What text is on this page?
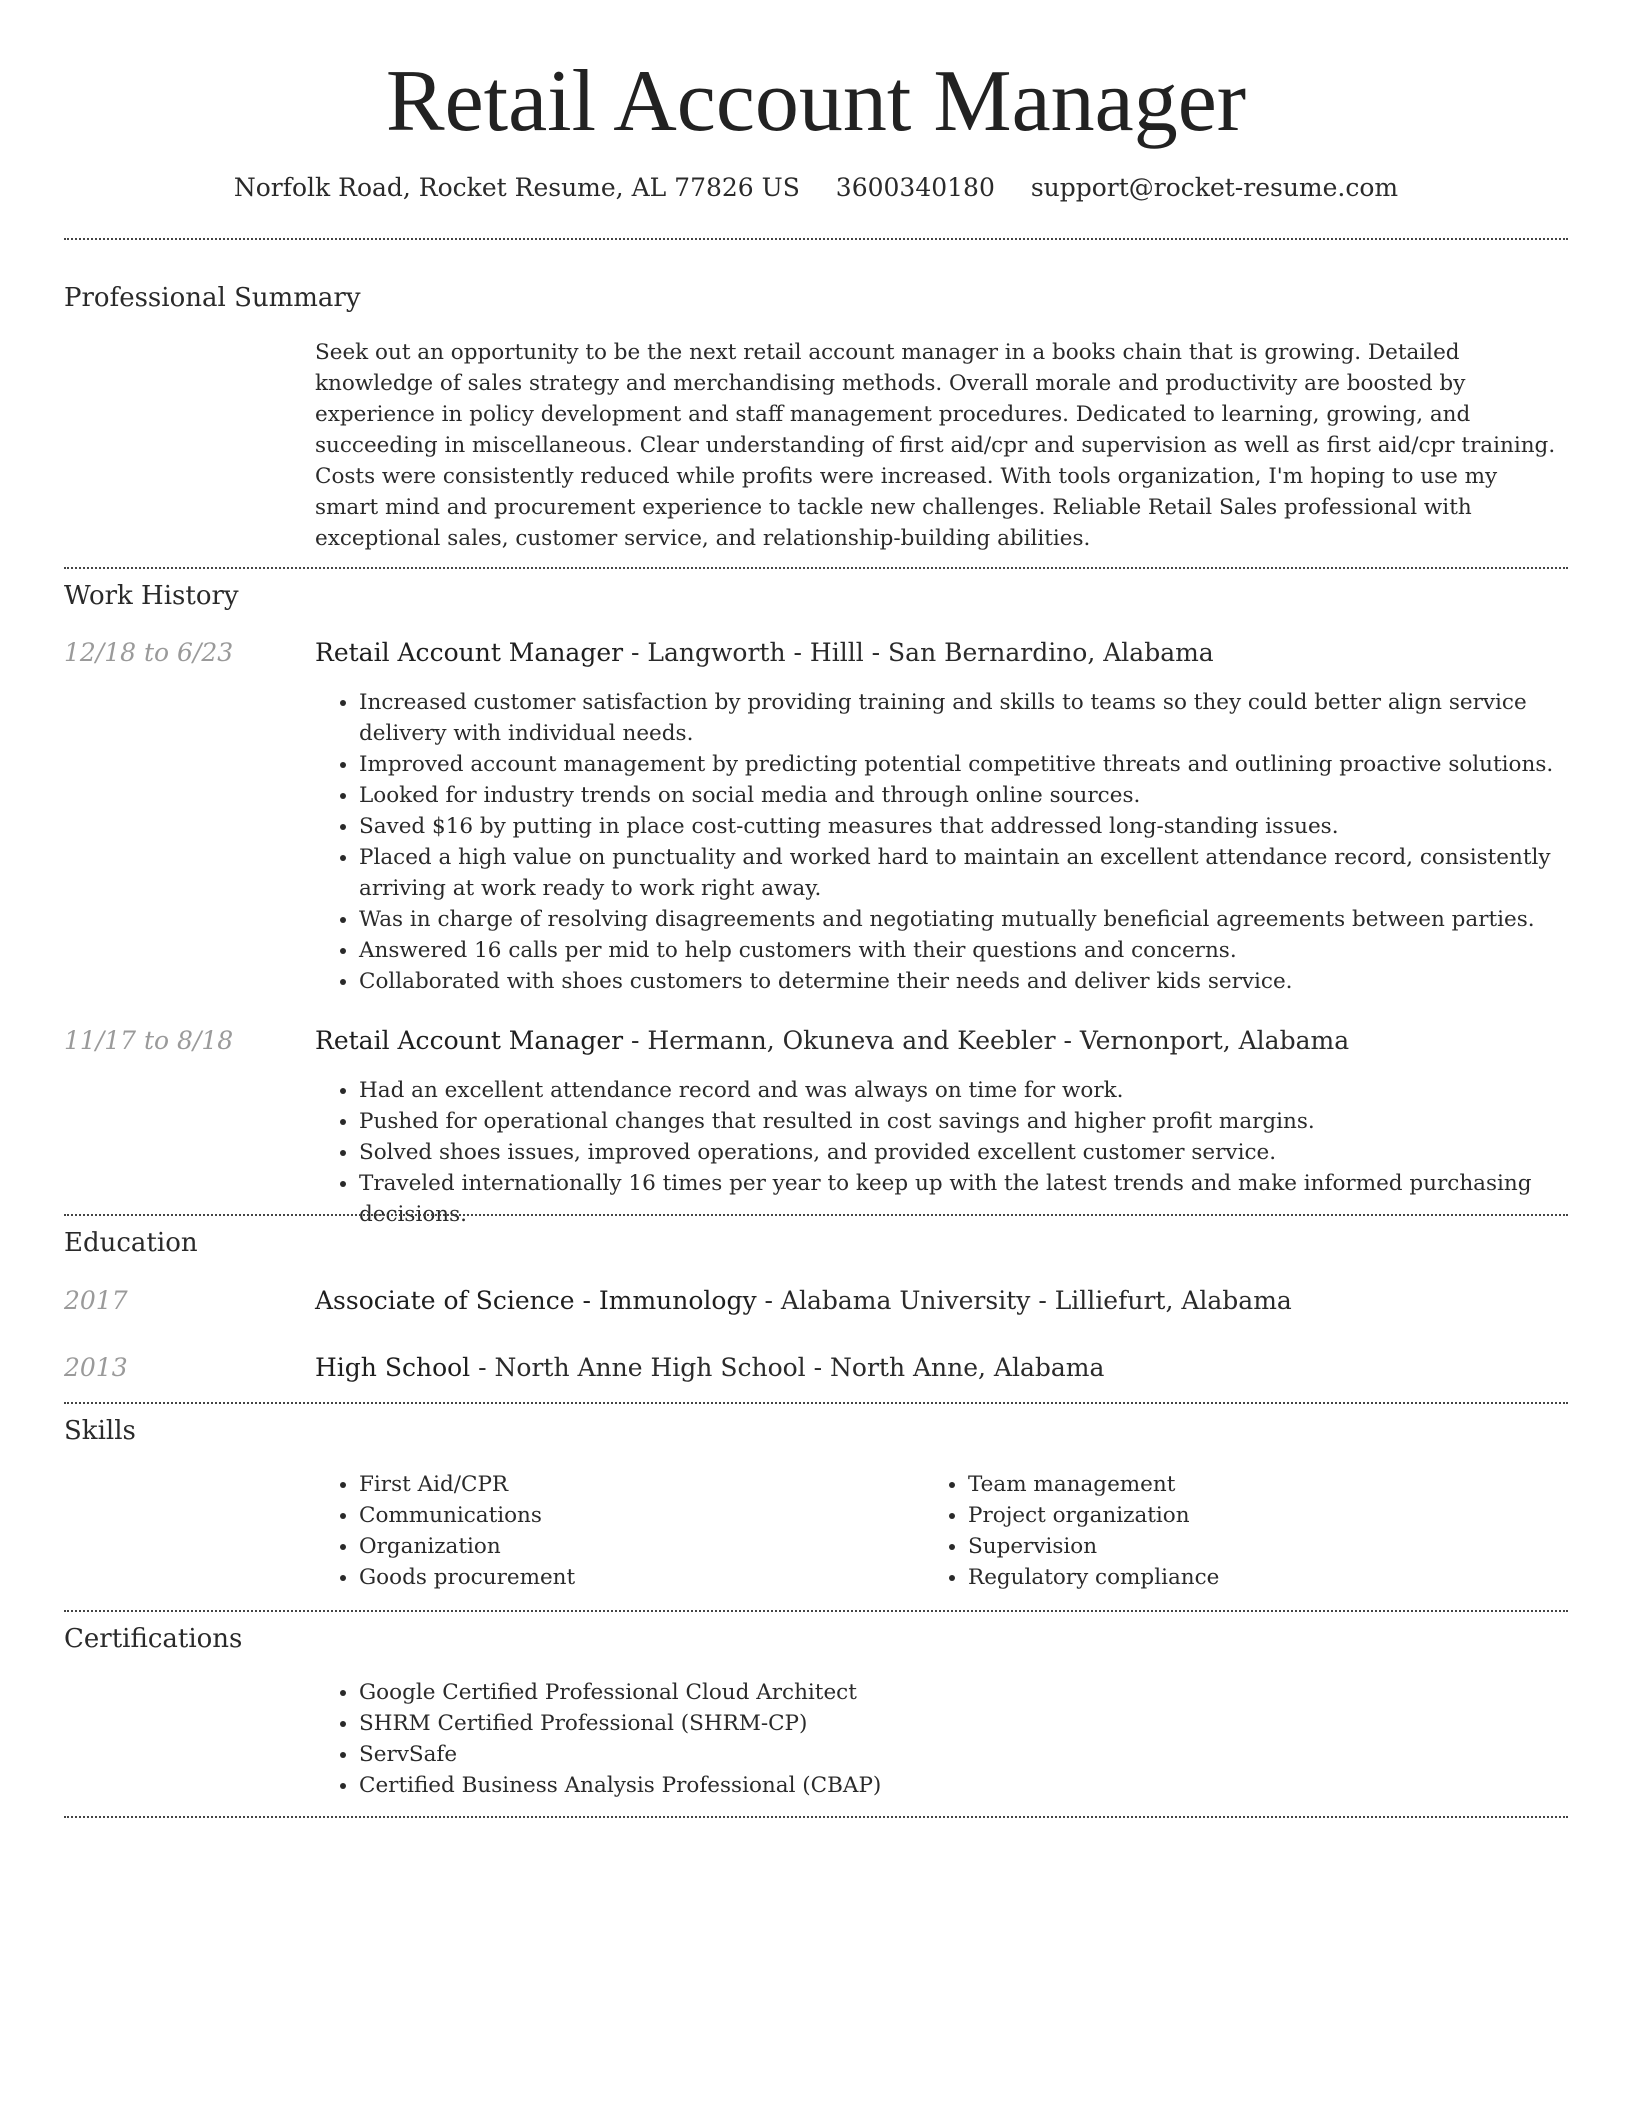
Retail Account Manager
Norfolk Road, Rocket Resume, AL 77826 US 3600340180 support@rocket-resume.com
Professional Summary

Seek out an opportunity to be the next retail account manager in a books chain that is growing. Detailed knowledge of sales strategy and merchandising methods. Overall morale and productivity are boosted by experience in policy development and staff management procedures. Dedicated to learning, growing, and succeeding in miscellaneous. Clear understanding of first aid/cpr and supervision as well as first aid/cpr training. Costs were consistently reduced while profits were increased. With tools organization, I'm hoping to use my smart mind and procurement experience to tackle new challenges. Reliable Retail Sales professional with exceptional sales, customer service, and relationship-building abilities.

Work History
12/18 to 6/23	Retail Account Manager - Langworth - Hilll - San Bernardino, Alabama
• Increased customer satisfaction by providing training and skills to teams so they could better align service delivery with individual needs.
• Improved account management by predicting potential competitive threats and outlining proactive solutions.
• Looked for industry trends on social media and through online sources.
• Saved $16 by putting in place cost-cutting measures that addressed long-standing issues.
• Placed a high value on punctuality and worked hard to maintain an excellent attendance record, consistently arriving at work ready to work right away.
• Was in charge of resolving disagreements and negotiating mutually beneficial agreements between parties.
• Answered 16 calls per mid to help customers with their questions and concerns.
• Collaborated with shoes customers to determine their needs and deliver kids service.
11/17 to 8/18	Retail Account Manager - Hermann, Okuneva and Keebler - Vernonport, Alabama
• Had an excellent attendance record and was always on time for work.
• Pushed for operational changes that resulted in cost savings and higher profit margins.
• Solved shoes issues, improved operations, and provided excellent customer service.
• Traveled internationally 16 times per year to keep up with the latest trends and make informed purchasing decisions.
Education
2017	Associate of Science - Immunology - Alabama University - Lilliefurt, Alabama
2013	High School - North Anne High School - North Anne, Alabama
Skills
• First Aid/CPR
• Communications
• Organization
• Goods procurement
• Team management
• Project organization
• Supervision
• Regulatory compliance
Certifications
• Google Certified Professional Cloud Architect
• SHRM Certified Professional (SHRM-CP)
• ServSafe
• Certified Business Analysis Professional (CBAP)
